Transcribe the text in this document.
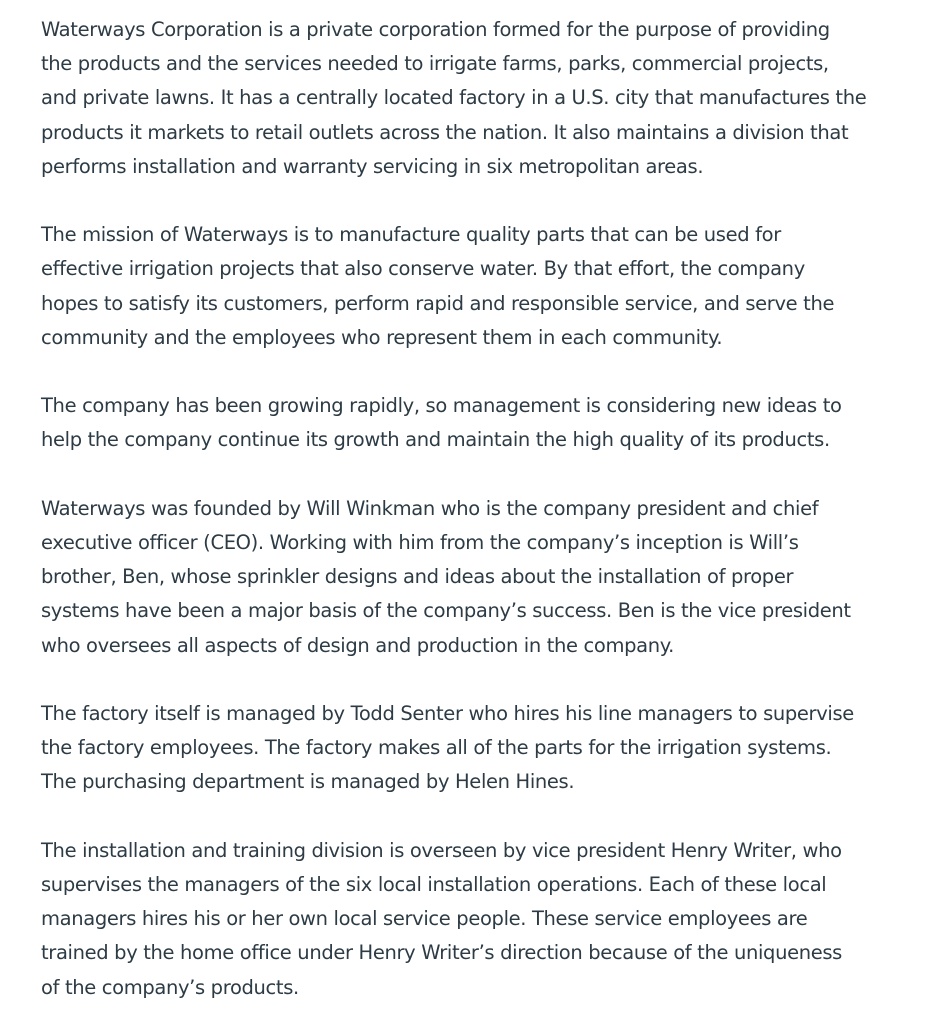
Waterways Corporation is a private corporation formed for the purpose of providing
the products and the services needed to irrigate farms, parks, commercial projects,
and private lawns. It has a centrally located factory in a U.S. city that manufactures the
products it markets to retail outlets across the nation. It also maintains a division that
performs installation and warranty servicing in six metropolitan areas.

The mission of Waterways is to manufacture quality parts that can be used for
effective irrigation projects that also conserve water. By that effort, the company
hopes to satisfy its customers, perform rapid and responsible service, and serve the
community and the employees who represent them in each community.

The company has been growing rapidly, so management is considering new ideas to
help the company continue its growth and maintain the high quality of its products.

Waterways was founded by Will Winkman who is the company president and chief
executive officer (CEO). Working with him from the company’s inception is Will’s
brother, Ben, whose sprinkler designs and ideas about the installation of proper
systems have been a major basis of the company’s success. Ben is the vice president
who oversees all aspects of design and production in the company.

The factory itself is managed by Todd Senter who hires his line managers to supervise
the factory employees. The factory makes all of the parts for the irrigation systems.
The purchasing department is managed by Helen Hines.

The installation and training division is overseen by vice president Henry Writer, who
supervises the managers of the six local installation operations. Each of these local
managers hires his or her own local service people. These service employees are
trained by the home office under Henry Writer’s direction because of the uniqueness
of the company’s products.
